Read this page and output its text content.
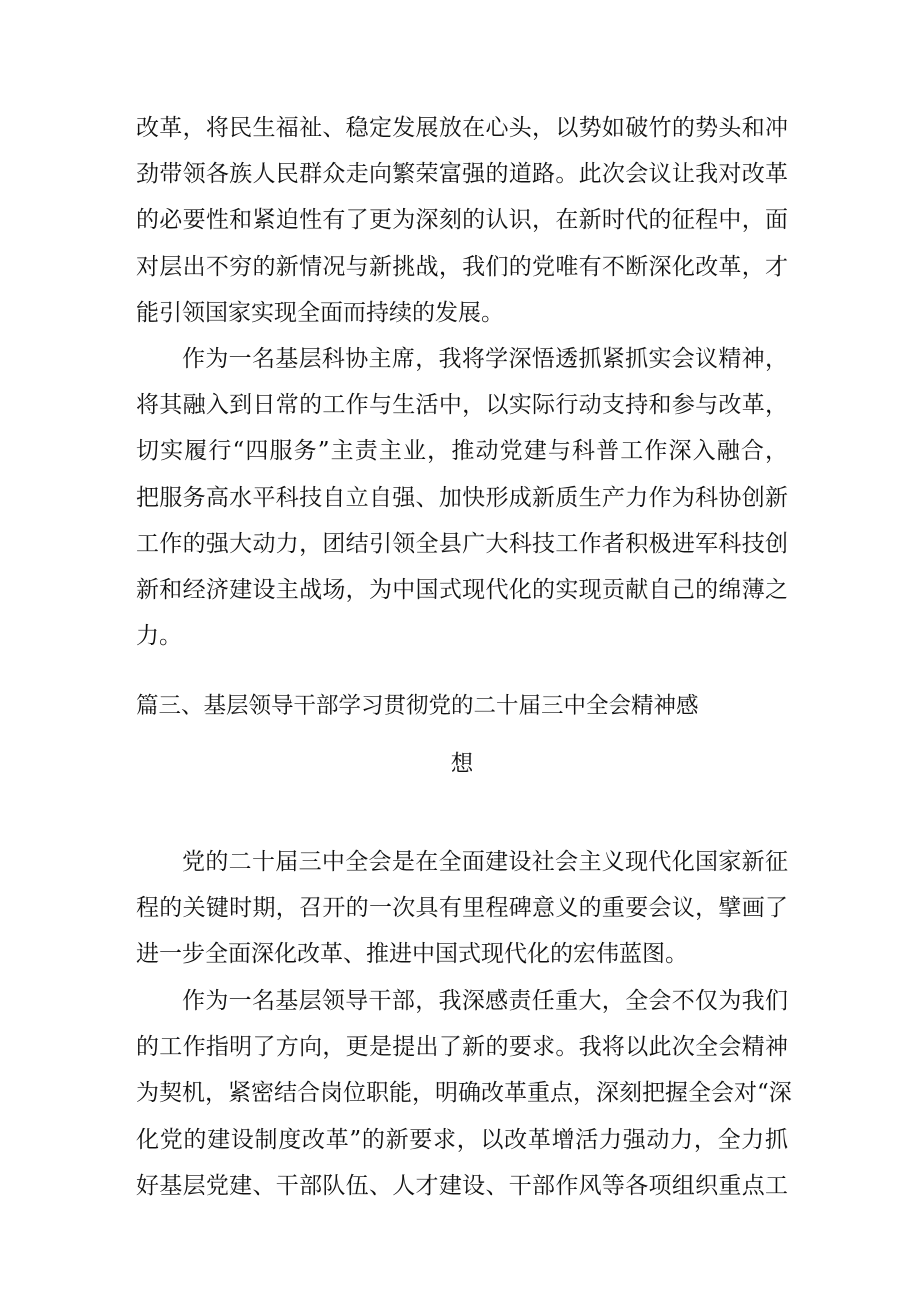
改革，将民生福祉、稳定发展放在心头，以势如破竹的势头和冲
劲带领各族人民群众走向繁荣富强的道路。此次会议让我对改革
的必要性和紧迫性有了更为深刻的认识，在新时代的征程中，面
对层出不穷的新情况与新挑战，我们的党唯有不断深化改革，才
能引领国家实现全面而持续的发展。
作为一名基层科协主席，我将学深悟透抓紧抓实会议精神，
将其融入到日常的工作与生活中，以实际行动支持和参与改革，
切实履行“四服务”主责主业，推动党建与科普工作深入融合，
把服务高水平科技自立自强、加快形成新质生产力作为科协创新
工作的强大动力，团结引领全县广大科技工作者积极进军科技创
新和经济建设主战场，为中国式现代化的实现贡献自己的绵薄之
力。
篇三、基层领导干部学习贯彻党的二十届三中全会精神感
想
党的二十届三中全会是在全面建设社会主义现代化国家新征
程的关键时期，召开的一次具有里程碑意义的重要会议，擘画了
进一步全面深化改革、推进中国式现代化的宏伟蓝图。
作为一名基层领导干部，我深感责任重大，全会不仅为我们
的工作指明了方向，更是提出了新的要求。我将以此次全会精神
为契机，紧密结合岗位职能，明确改革重点，深刻把握全会对“深
化党的建设制度改革”的新要求，以改革增活力强动力，全力抓
好基层党建、干部队伍、人才建设、干部作风等各项组织重点工
